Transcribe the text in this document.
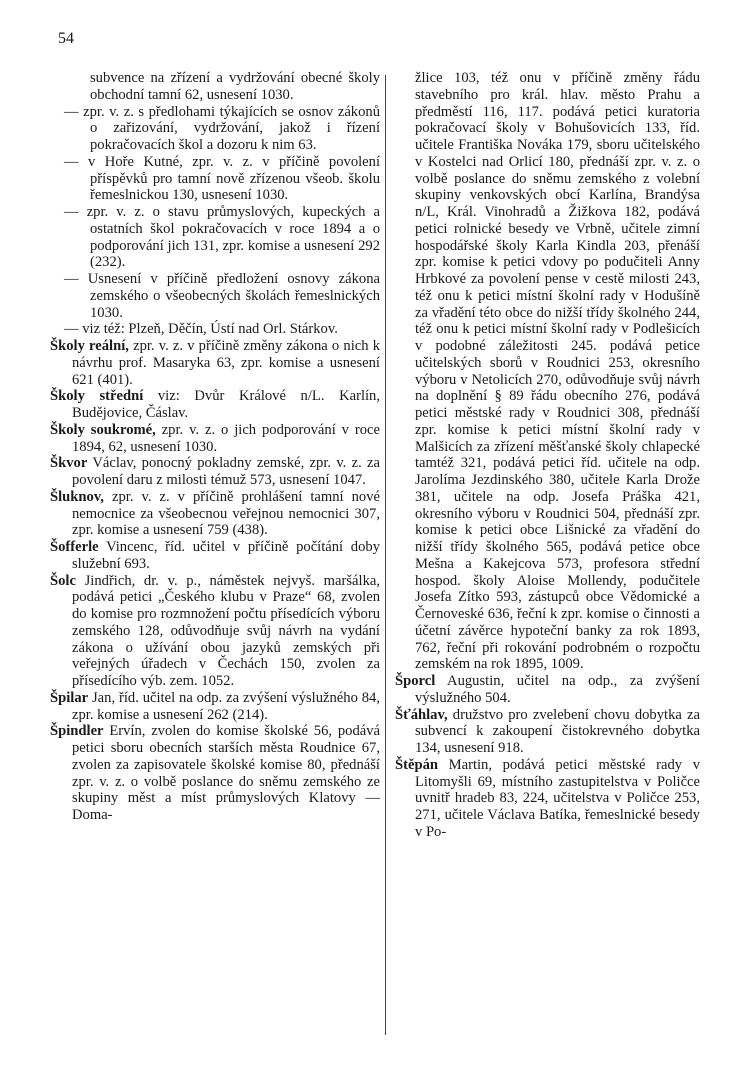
54
subvence na zřízení a vydržování obecné školy obchodní tamní 62, usnesení 1030.
— zpr. v. z. s předlohami týkajících se osnov zákonů o zařizování, vydržování, jakož i řízení pokračovacích škol a dozoru k nim 63.
— v Hoře Kutné, zpr. v. z. v příčině povolení příspěvků pro tamní nově zřízenou všeob. školu řemeslnickou 130, usnesení 1030.
— zpr. v. z. o stavu průmyslových, kupeckých a ostatních škol pokračovacích v roce 1894 a o podporování jich 131, zpr. komise a usnesení 292 (232).
— Usnesení v příčině předložení osnovy zákona zemského o všeobecných školách řemeslnických 1030.
— viz též: Plzeň, Děčín, Ústí nad Orl. Stárkov.
Školy reální, zpr. v. z. v příčině změny zákona o nich k návrhu prof. Masaryka 63, zpr. komise a usnesení 621 (401).
Školy střední viz: Dvůr Králové n/L. Karlín, Budějovice, Čáslav.
Školy soukromé, zpr. v. z. o jich podporování v roce 1894, 62, usnesení 1030.
Škvor Václav, ponocný pokladny zemské, zpr. v. z. za povolení daru z milosti témuž 573, usnesení 1047.
Šluknov, zpr. v. z. v příčině prohlášení tamní nové nemocnice za všeobecnou veřejnou nemocnici 307, zpr. komise a usnesení 759 (438).
Šofferle Vincenc, říd. učitel v příčině počítání doby služební 693.
Šolc Jindřich, dr. v. p., náměstek nejvyš. maršálka, podává petici „Českého klubu v Praze“ 68, zvolen do komise pro rozmnožení počtu přísedících výboru zemského 128, odůvodňuje svůj návrh na vydání zákona o užívání obou jazyků zemských při veřejných úřadech v Čechách 150, zvolen za přísedícího výb. zem. 1052.
Špilar Jan, říd. učitel na odp. za zvýšení výslužného 84, zpr. komise a usnesení 262 (214).
Špindler Ervín, zvolen do komise školské 56, podává petici sboru obecních starších města Roudnice 67, zvolen za zapisovatele školské komise 80, přednáší zpr. v. z. o volbě poslance do sněmu zemského ze skupiny měst a míst průmyslových Klatovy — Doma-
žlice 103, též onu v příčině změny řádu stavebního pro král. hlav. město Prahu a předměstí 116, 117. podává petici kuratoria pokračovací školy v Bohušovicích 133, říd. učitele Františka Nováka 179, sboru učitelského v Kostelci nad Orlicí 180, přednáší zpr. v. z. o volbě poslance do sněmu zemského z volební skupiny venkovských obcí Karlína, Brandýsa n/L, Král. Vinohradů a Žižkova 182, podává petici rolnické besedy ve Vrbně, učitele zimní hospodářské školy Karla Kindla 203, přenáší zpr. komise k petici vdovy po podučiteli Anny Hrbkové za povolení pense v cestě milosti 243, též onu k petici místní školní rady v Hodušíně za vřadění této obce do nižší třídy školného 244, též onu k petici místní školní rady v Podlešicích v podobné záležitosti 245. podává petice učitelských sborů v Roudnici 253, okresního výboru v Netolicích 270, odůvodňuje svůj návrh na doplnění § 89 řádu obecního 276, podává petici městské rady v Roudnici 308, přednáší zpr. komise k petici místní školní rady v Malšicích za zřízení měšťanské školy chlapecké tamtéž 321, podává petici říd. učitele na odp. Jarolíma Jezdinského 380, učitele Karla Drože 381, učitele na odp. Josefa Práška 421, okresního výboru v Roudnici 504, přednáší zpr. komise k petici obce Lišnické za vřadění do nižší třídy školného 565, podává petice obce Mešna a Kakejcova 573, profesora střední hospod. školy Aloise Mollendy, podučitele Josefa Zítko 593, zástupců obce Vědomické a Černoveské 636, řeční k zpr. komise o činnosti a účetní závěrce hypoteční banky za rok 1893, 762, řeční při rokování podrobném o rozpočtu zemském na rok 1895, 1009.
Šporcl Augustin, učitel na odp., za zvýšení výslužného 504.
Šťáhlav, družstvo pro zvelebení chovu dobytka za subvencí k zakoupení čistokrevného dobytka 134, usnesení 918.
Štěpán Martin, podává petici městské rady v Litomyšli 69, místního zastupitelstva v Poličce uvnitř hradeb 83, 224, učitelstva v Poličce 253, 271, učitele Václava Batíka, řemeslnické besedy v Po-
